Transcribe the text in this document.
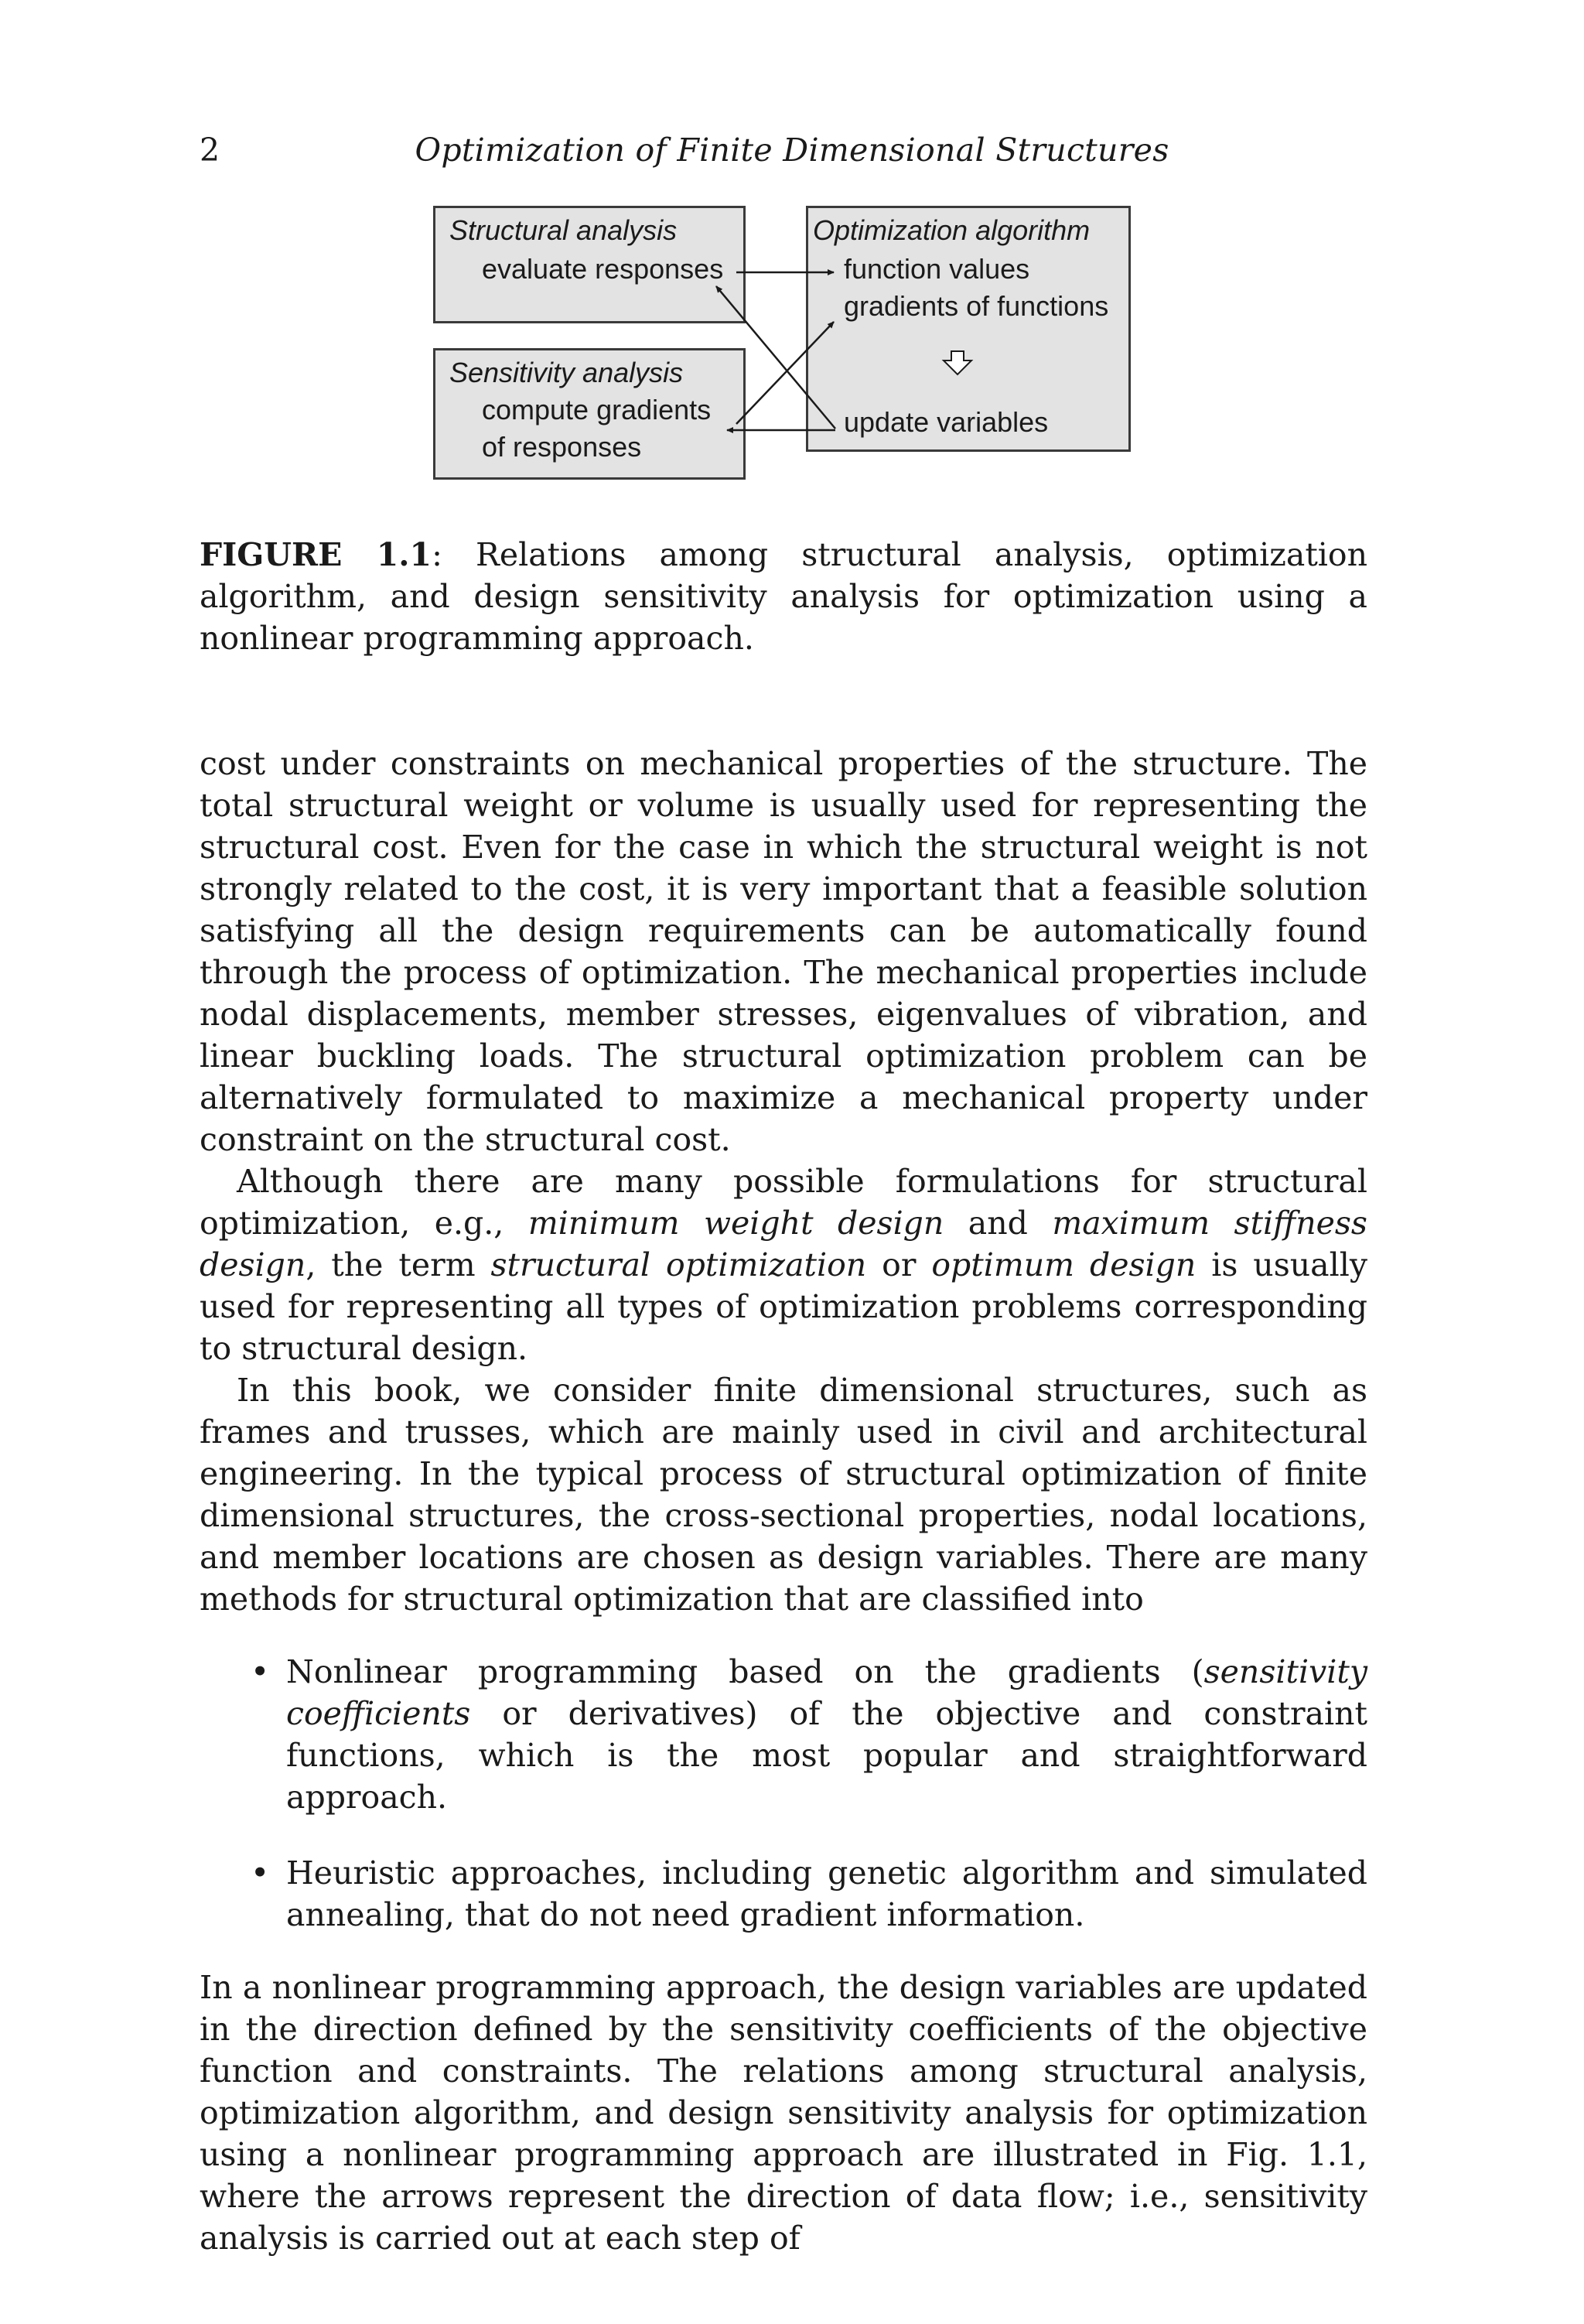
2	Optimization of Finite Dimensional Structures
Structural analysis
evaluate responses
Sensitivity analysis
compute gradients
of responses
Optimization algorithm
function values
gradients of functions
update variables
FIGURE 1.1: Relations among structural analysis, optimization algorithm, and design sensitivity analysis for optimization using a nonlinear programming approach.

cost under constraints on mechanical properties of the structure. The total structural weight or volume is usually used for representing the structural cost. Even for the case in which the structural weight is not strongly related to the cost, it is very important that a feasible solution satisfying all the design requirements can be automatically found through the process of optimization. The mechanical properties include nodal displacements, member stresses, eigenvalues of vibration, and linear buckling loads. The structural optimization problem can be alternatively formulated to maximize a mechanical property under constraint on the structural cost.

Although there are many possible formulations for structural optimization, e.g., minimum weight design and maximum stiffness design, the term structural optimization or optimum design is usually used for representing all types of optimization problems corresponding to structural design.

In this book, we consider finite dimensional structures, such as frames and trusses, which are mainly used in civil and architectural engineering. In the typical process of structural optimization of finite dimensional structures, the cross-sectional properties, nodal locations, and member locations are chosen as design variables. There are many methods for structural optimization that are classified into

• Nonlinear programming based on the gradients (sensitivity coefficients or derivatives) of the objective and constraint functions, which is the most popular and straightforward approach.
• Heuristic approaches, including genetic algorithm and simulated annealing, that do not need gradient information.

In a nonlinear programming approach, the design variables are updated in the direction defined by the sensitivity coefficients of the objective function and constraints. The relations among structural analysis, optimization algorithm, and design sensitivity analysis for optimization using a nonlinear programming approach are illustrated in Fig. 1.1, where the arrows represent the direction of data flow; i.e., sensitivity analysis is carried out at each step of
